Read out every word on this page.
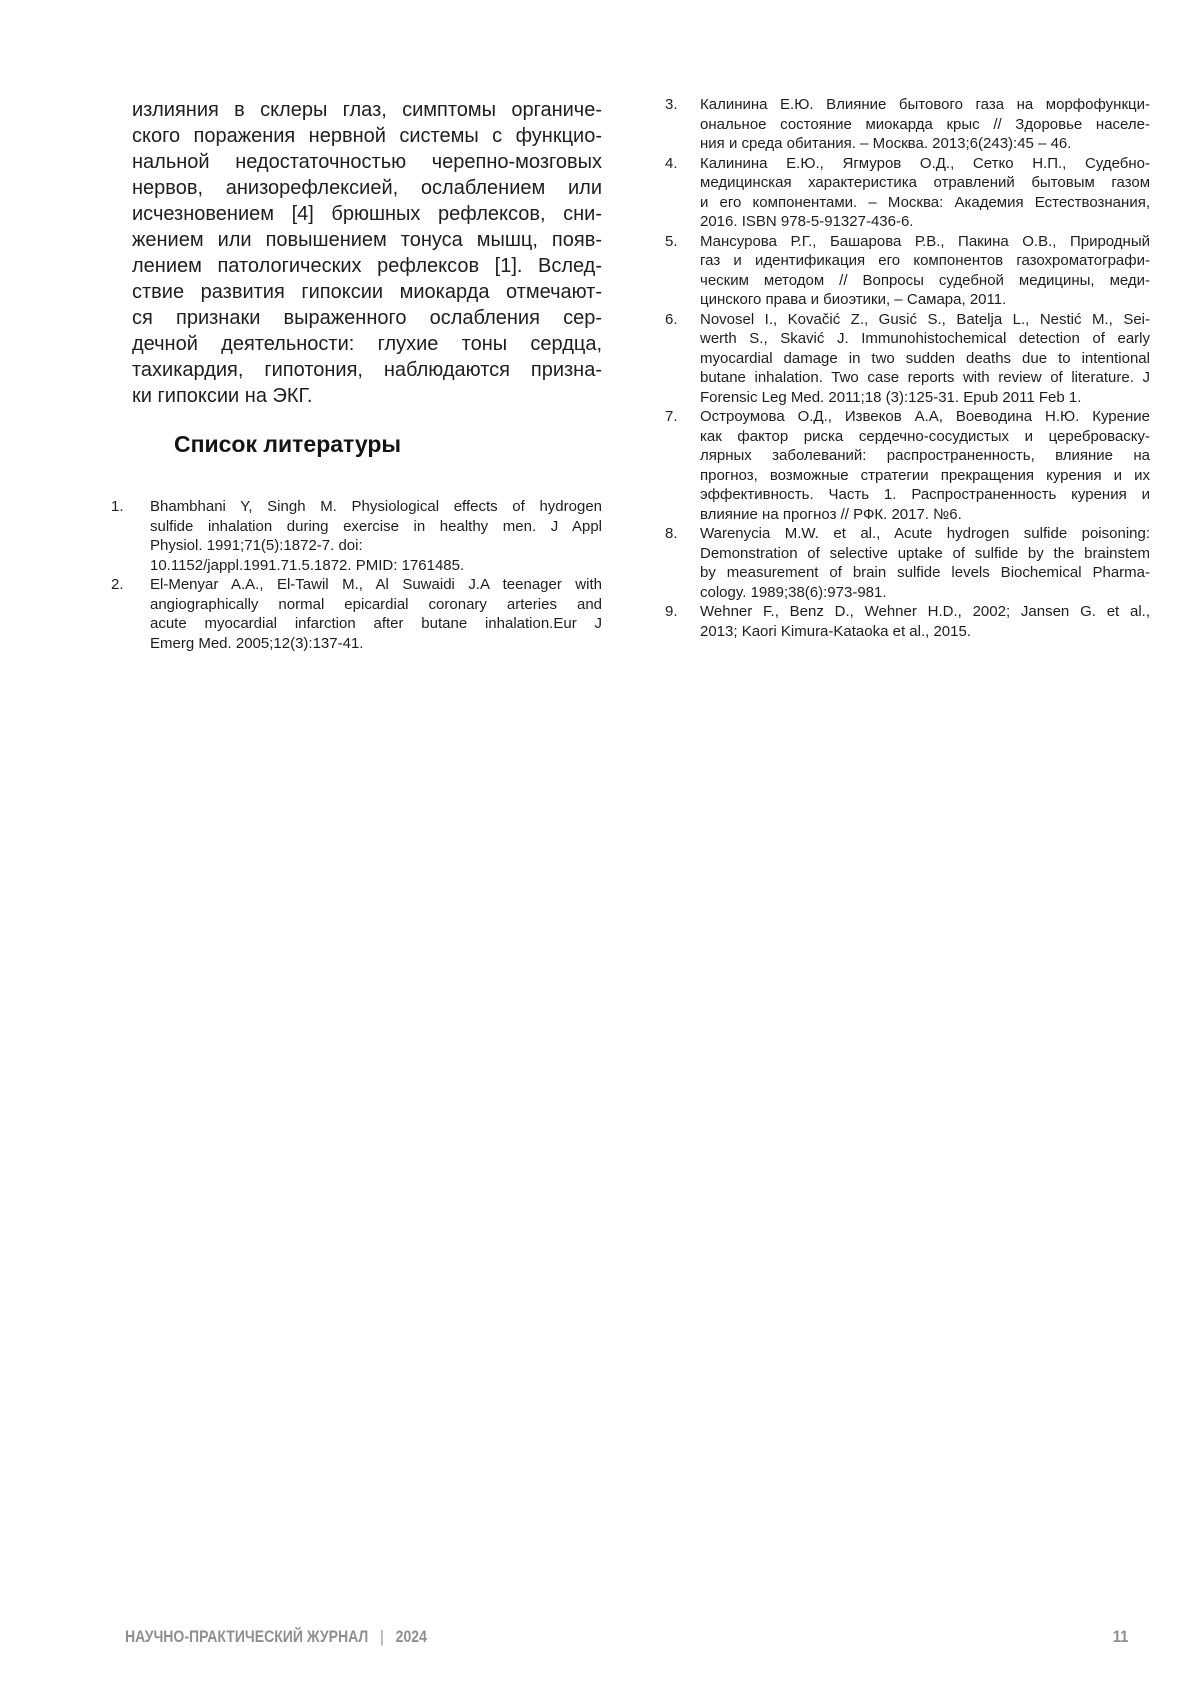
излияния в склеры глаз, симптомы органиче-
ского поражения нервной системы с функцио-
нальной недостаточностью черепно-мозговых
нервов, анизорефлексией, ослаблением или
исчезновением [4] брюшных рефлексов, сни-
жением или повышением тонуса мышц, появ-
лением патологических рефлексов [1]. Вслед-
ствие развития гипоксии миокарда отмечают-
ся признаки выраженного ослабления сер-
дечной деятельности: глухие тоны сердца,
тахикардия, гипотония, наблюдаются призна-
ки гипоксии на ЭКГ.
Список литературы
1.	Bhambhani Y, Singh M. Physiological effects of hydrogen
sulfide inhalation during exercise in healthy men. J Appl
Physiol. 1991;71(5):1872-7. doi:
10.1152/jappl.1991.71.5.1872. PMID: 1761485.
2.	El-Menyar A.A., El-Tawil M., Al Suwaidi J.A teenager with
angiographically normal epicardial coronary arteries and
acute myocardial infarction after butane inhalation.Eur J
Emerg Med. 2005;12(3):137-41.
3.	Калинина Е.Ю. Влияние бытового газа на морфофункци-
ональное состояние миокарда крыс // Здоровье населе-
ния и среда обитания. – Москва. 2013;6(243):45 – 46.
4.	Калинина Е.Ю., Ягмуров О.Д., Сетко Н.П., Судебно-
медицинская характеристика отравлений бытовым газом
и его компонентами. – Москва: Академия Естествознания,
2016. ISBN 978-5-91327-436-6.
5.	Мансурова Р.Г., Башарова Р.В., Пакина О.В., Природный
газ и идентификация его компонентов газохроматографи-
ческим методом // Вопросы судебной медицины, меди-
цинского права и биоэтики, – Самара, 2011.
6.	Novosel I., Kovačić Z., Gusić S., Batelja L., Nestić M., Sei-
werth S., Skavić J. Immunohistochemical detection of early
myocardial damage in two sudden deaths due to intentional
butane inhalation. Two case reports with review of literature. J
Forensic Leg Med. 2011;18 (3):125-31. Epub 2011 Feb 1.
7.	Остроумова О.Д., Извеков А.А, Воеводина Н.Ю. Курение
как фактор риска сердечно-сосудистых и цереброваску-
лярных заболеваний: распространенность, влияние на
прогноз, возможные стратегии прекращения курения и их
эффективность. Часть 1. Распространенность курения и
влияние на прогноз // РФК. 2017. №6.
8.	Warenycia M.W. et al., Acute hydrogen sulfide poisoning:
Demonstration of selective uptake of sulfide by the brainstem
by measurement of brain sulfide levels Biochemical Pharma-
cology. 1989;38(6):973-981.
9.	Wehner F., Benz D., Wehner H.D., 2002; Jansen G. et al.,
2013; Kaori Kimura-Kataoka et al., 2015.
НАУЧНО-ПРАКТИЧЕСКИЙ ЖУРНАЛ | 2024	11
